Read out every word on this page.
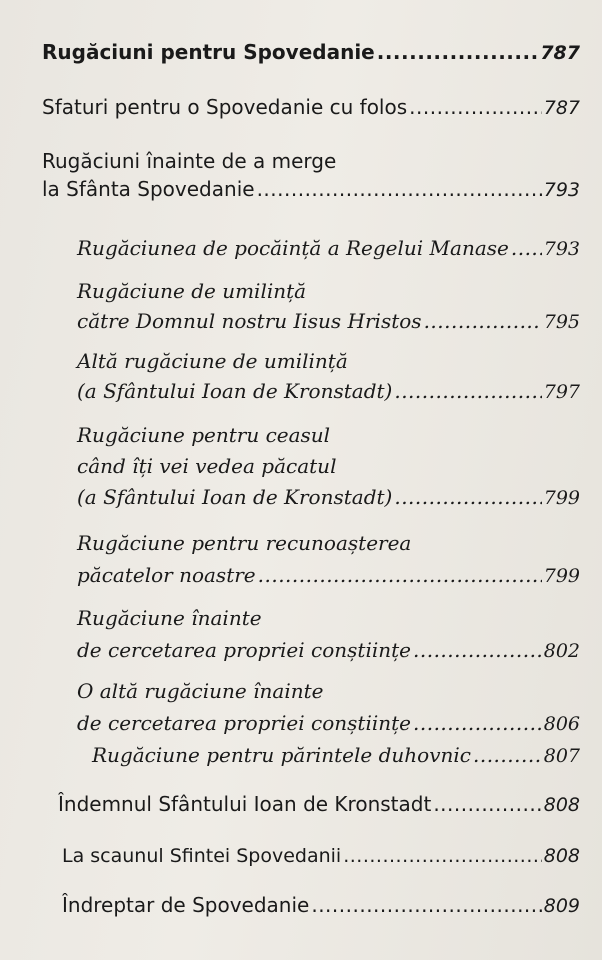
Rugăciuni pentru Spovedanie .....	787
Sfaturi pentru o Spovedanie cu folos .....	787
Rugăciuni înainte de a merge
la Sfânta Spovedanie .....	793
Rugăciunea de pocăință a Regelui Manase ..... 793
Rugăciune de umilință
către Domnul nostru Iisus Hristos .....	795
Altă rugăciune de umilință
(a Sfântului Ioan de Kronstadt) .....	797
Rugăciune pentru ceasul
când îți vei vedea păcatul
(a Sfântului Ioan de Kronstadt) .....	799
Rugăciune pentru recunoașterea
păcatelor noastre .....	799
Rugăciune înainte
de cercetarea propriei conștiințe .....	802
O altă rugăciune înainte
de cercetarea propriei conștiințe .....	806
Rugăciune pentru părintele duhovnic .....	807
Îndemnul Sfântului Ioan de Kronstadt .....	808
La scaunul Sfintei Spovedanii .....	808
Îndreptar de Spovedanie .....	809
